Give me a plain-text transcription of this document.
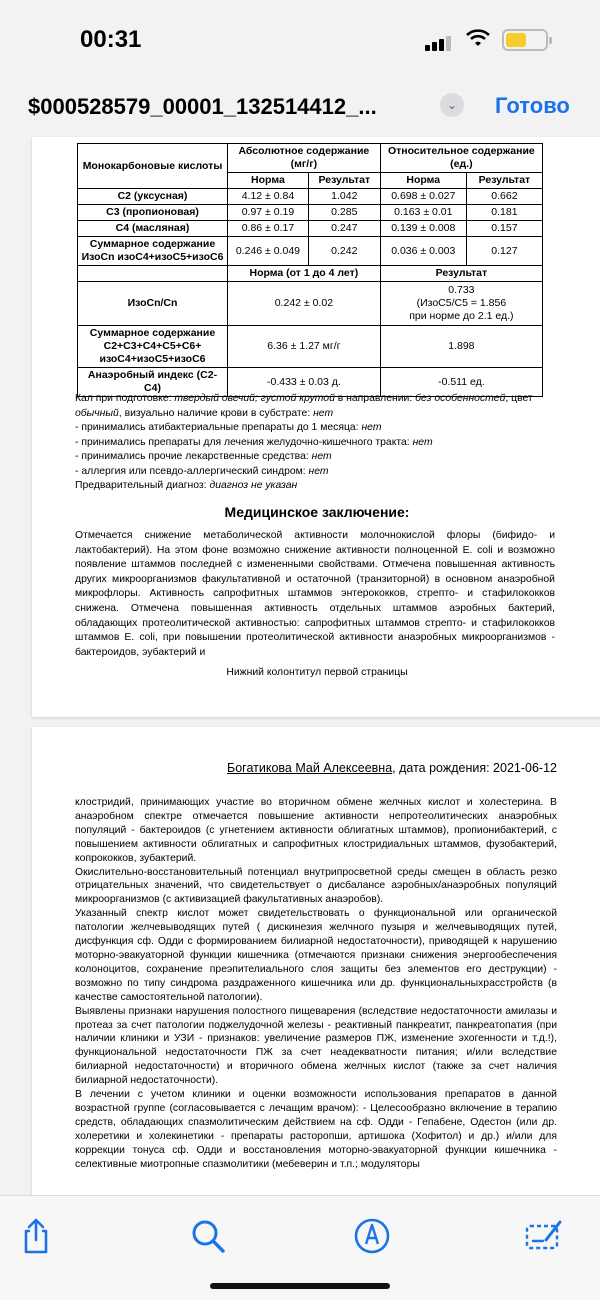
00:31
$000528579_00001_132514412_...	⌄	Готово
Монокарбоновые кислоты	Абсолютное содержание (мг/г)		Относительное содержание (ед.)	
	Норма	Результат	Норма	Результат
С2 (уксусная)	4.12 ± 0.84	1.042	0.698 ± 0.027	0.662
С3 (пропионовая)	0.97 ± 0.19	0.285	0.163 ± 0.01	0.181
С4 (масляная)	0.86 ± 0.17	0.247	0.139 ± 0.008	0.157
Суммарное содержание ИзоСn изоС4+изоС5+изоС6	0.246 ± 0.049	0.242	0.036 ± 0.003	0.127
	Норма (от 1 до 4 лет)		Результат	
ИзоСn/Сn	0.242 ± 0.02		0.733
(ИзоС5/С5 = 1.856
при норме до 2.1 ед.)	

Суммарное содержание С2+С3+С4+С5+С6+ изоС4+изоС5+изоС6	6.36 ± 1.27 мг/г		1.898	
Анаэробный индекс (С2-С4)	-0.433 ± 0.03 д.		-0.511 ед.	
Кал при подготовке: твердый овечий; густой крутой в направлении: без особенностей, цвет обычный, визуально наличие крови в субстрате: нет
- принимались атибактериальные препараты до 1 месяца: нет
- принимались препараты для лечения желудочно-кишечного тракта: нет
- принимались прочие лекарственные средства: нет
- аллергия или псевдо-аллергический синдром: нет
Предварительный диагноз: диагноз не указан
Медицинское заключение:
Отмечается снижение метаболической активности молочнокислой флоры (бифидо- и лактобактерий). На этом фоне возможно снижение активности полноценной E. coli и возможно появление штаммов последней с измененными свойствами. Отмечена повышенная активность других микроорганизмов факультативной и остаточной (транзиторной) в основном анаэробной микрофлоры. Активность сапрофитных штаммов энтерококков, стрепто- и стафилококков снижена. Отмечена повышенная активность отдельных штаммов аэробных бактерий, обладающих протеолитической активностью: сапрофитных штаммов стрепто- и стафилококков штаммов E. coli, при повышении протеолитической активности анаэробных микроорганизмов - бактероидов, эубактерий и
Нижний колонтитул первой страницы
Богатикова Май Алексеевна, дата рождения: 2021-06-12
клостридий, принимающих участие во вторичном обмене желчных кислот и холестерина. В анаэробном спектре отмечается повышение активности непротеолитических анаэробных популяций - бактероидов (с угнетением активности облигатных штаммов), пропионибактерий, с повышением активности облигатных и сапрофитных клостридиальных штаммов, фузобактерий, копрококков, зубактерий.
Окислительно-восстановительный потенциал внутрипросветной среды смещен в область резко отрицательных значений, что свидетельствует о дисбалансе аэробных/анаэробных популяций микроорганизмов (с активизацией факультативных анаэробов).
Указанный спектр кислот может свидетельствовать о функциональной или органической патологии желчевыводящих путей ( дискинезия желчного пузыря и желчевыводящих путей, дисфункция сф. Одди с формированием билиарной недостаточности), приводящей к нарушению моторно-эвакуаторной функции кишечника (отмечаются признаки снижения энергообеспечения колоноцитов, сохранение преэпителиального слоя защиты без элементов его деструкции) - возможно по типу синдрома раздраженного кишечника или др. функциональныхрасстройств (в качестве самостоятельной патологии).
Выявлены признаки нарушения полостного пищеварения (вследствие недостаточности амилазы и протеаз за счет патологии поджелудочной железы - реактивный панкреатит, панкреатопатия (при наличии клиники и УЗИ - признаков: увеличение размеров ПЖ, изменение эхогенности и т.д.!), функциональной недостаточности ПЖ за счет неадекватности питания; и/или вследствие билиарной недостаточности) и вторичного обмена желчных кислот (также за счет наличия билиарной недостаточности).
В лечении с учетом клиники и оценки возможности использования препаратов в данной возрастной группе (согласовывается с лечащим врачом): - Целесообразно включение в терапию средств, обладающих спазмолитическим действием на сф. Одди - Гепабене, Одестон (или др. холеретики и холекинетики - препараты расторопши, артишока (Хофитол) и др.) и/или для коррекции тонуса сф. Одди и восстановления моторно-эвакуаторной функции кишечника - селективные миотропные спазмолитики (мебеверин и т.п.; модуляторы
